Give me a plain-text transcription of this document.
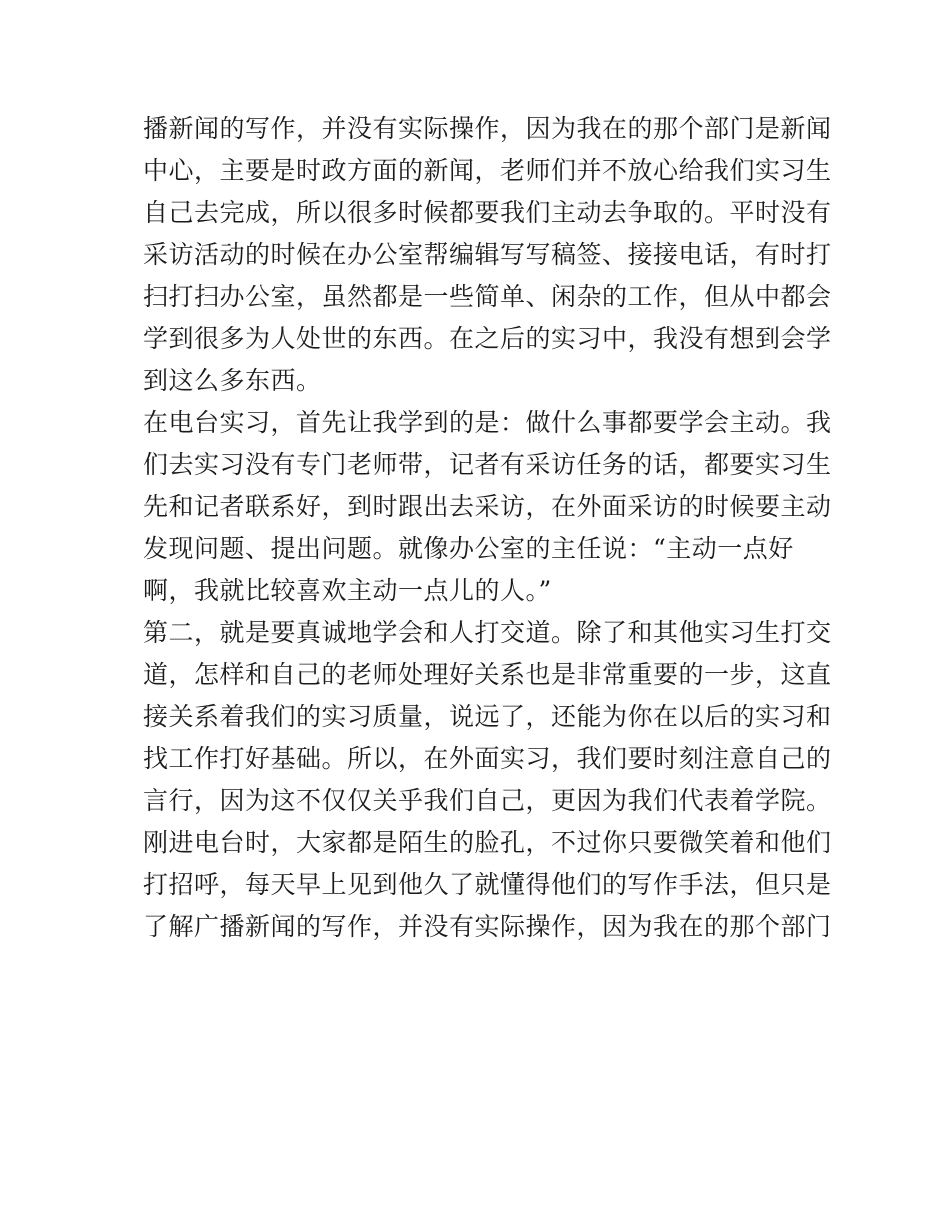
播新闻的写作，并没有实际操作，因为我在的那个部门是新闻

中心，主要是时政方面的新闻，老师们并不放心给我们实习生

自己去完成，所以很多时候都要我们主动去争取的。平时没有

采访活动的时候在办公室帮编辑写写稿签、接接电话，有时打

扫打扫办公室，虽然都是一些简单、闲杂的工作，但从中都会

学到很多为人处世的东西。在之后的实习中，我没有想到会学

到这么多东西。

在电台实习，首先让我学到的是：做什么事都要学会主动。我

们去实习没有专门老师带，记者有采访任务的话，都要实习生

先和记者联系好，到时跟出去采访，在外面采访的时候要主动

发现问题、提出问题。就像办公室的主任说：“主动一点好

啊，我就比较喜欢主动一点儿的人。”

第二，就是要真诚地学会和人打交道。除了和其他实习生打交

道，怎样和自己的老师处理好关系也是非常重要的一步，这直

接关系着我们的实习质量，说远了，还能为你在以后的实习和

找工作打好基础。所以，在外面实习，我们要时刻注意自己的

言行，因为这不仅仅关乎我们自己，更因为我们代表着学院。

刚进电台时，大家都是陌生的脸孔，不过你只要微笑着和他们

打招呼，每天早上见到他久了就懂得他们的写作手法，但只是

了解广播新闻的写作，并没有实际操作，因为我在的那个部门
